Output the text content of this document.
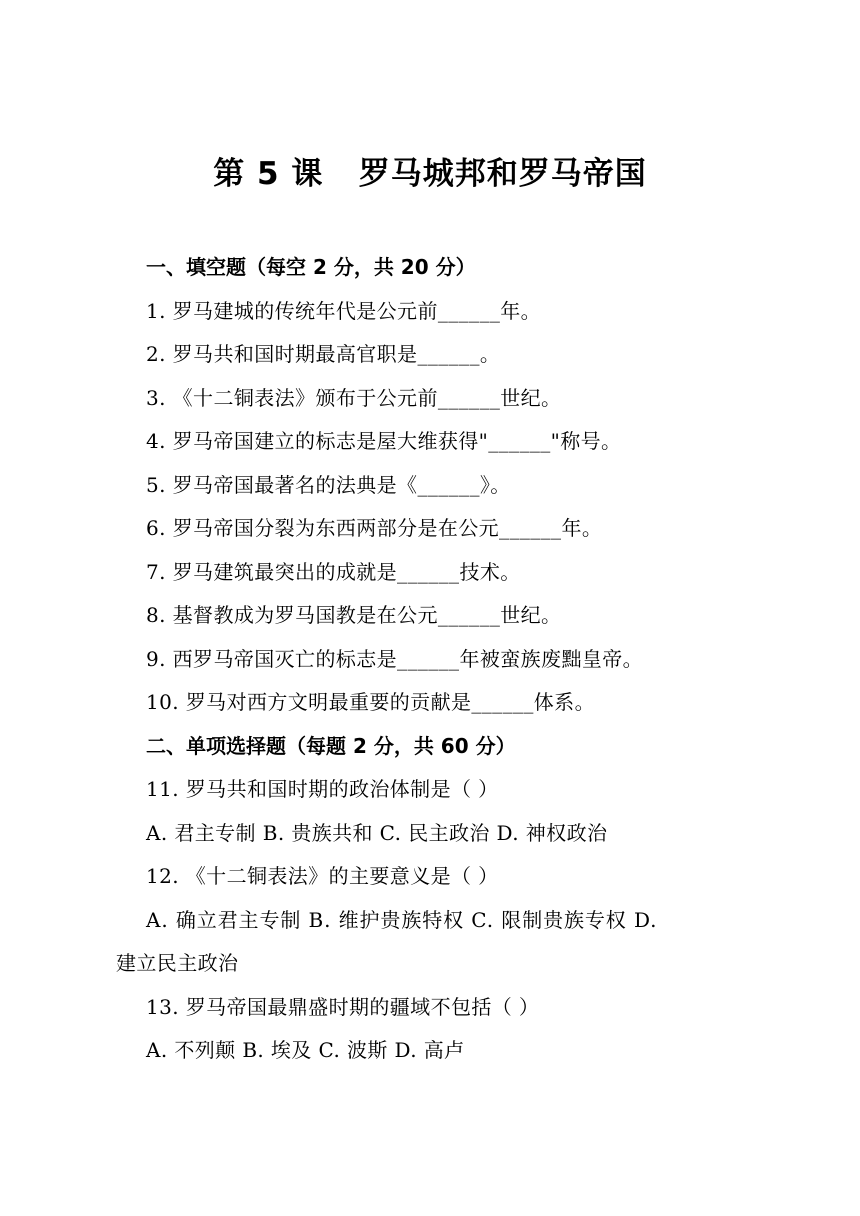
第 5 课   罗马城邦和罗马帝国
一、填空题（每空 2 分，共 20 分）
1. 罗马建城的传统年代是公元前______年。
2. 罗马共和国时期最高官职是______。
3. 《十二铜表法》颁布于公元前______世纪。
4. 罗马帝国建立的标志是屋大维获得"______"称号。
5. 罗马帝国最著名的法典是《______》。
6. 罗马帝国分裂为东西两部分是在公元______年。
7. 罗马建筑最突出的成就是______技术。
8. 基督教成为罗马国教是在公元______世纪。
9. 西罗马帝国灭亡的标志是______年被蛮族废黜皇帝。
10. 罗马对西方文明最重要的贡献是______体系。
二、单项选择题（每题 2 分，共 60 分）
11. 罗马共和国时期的政治体制是（ ）
A. 君主专制 B. 贵族共和 C. 民主政治 D. 神权政治
12. 《十二铜表法》的主要意义是（ ）
A. 确立君主专制 B. 维护贵族特权 C. 限制贵族专权 D.
建立民主政治
13. 罗马帝国最鼎盛时期的疆域不包括（ ）
A. 不列颠 B. 埃及 C. 波斯 D. 高卢
